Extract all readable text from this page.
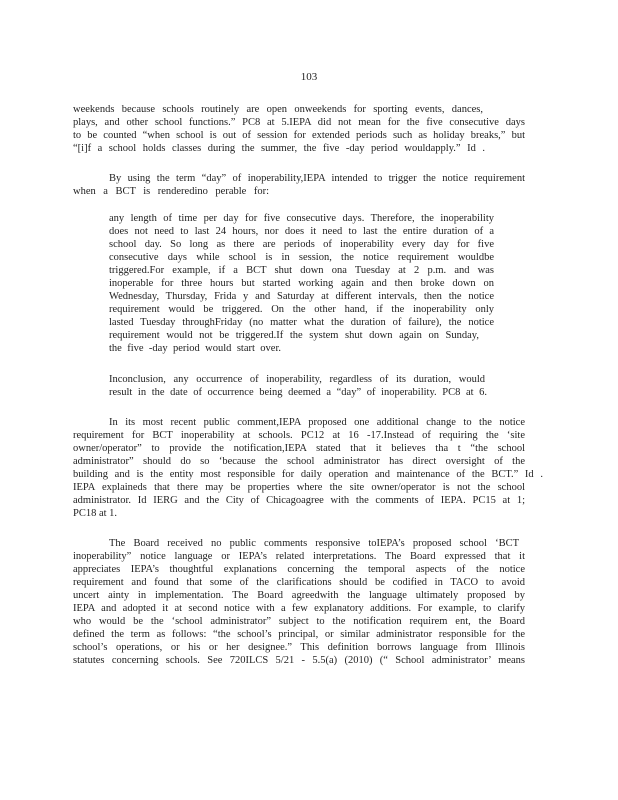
103
weekends because schools routinely are open onweekends for sporting events, dances,
plays, and other school functions.” PC8 at 5.IEPA did not mean for the five consecutive days
to be counted “when school is out of session for extended periods such as holiday breaks,” but
“[i]f a school holds classes during the summer, the five -day period wouldapply.” Id .
By using the term “day” of inoperability,IEPA intended to trigger the notice requirement
when a BCT is renderedino perable for:
any length of time per day for five consecutive days. Therefore, the inoperability
does not need to last 24 hours, nor does it need to last the entire duration of a
school day. So long as there are periods of inoperability every day for five
consecutive days while school is in session, the notice requirement wouldbe
triggered.For example, if a BCT shut down ona Tuesday at 2 p.m. and was
inoperable for three hours but started working again and then broke down on
Wednesday, Thursday, Frida y and Saturday at different intervals, then the notice
requirement would be triggered. On the other hand, if the inoperability only
lasted Tuesday throughFriday (no matter what the duration of failure), the notice
requirement would not be triggered.If the system shut down again on Sunday,
the five -day period would start over.
Inconclusion, any occurrence of inoperability, regardless of its duration, would
result in the date of occurrence being deemed a “day” of inoperability. PC8 at 6.
In its most recent public comment,IEPA proposed one additional change to the notice
requirement for BCT inoperability at schools. PC12 at 16 -17.Instead of requiring the ‘site
owner/operator” to provide the notification,IEPA stated that it believes tha t “the school
administrator” should do so ‘because the school administrator has direct oversight of the
building and is the entity most responsible for daily operation and maintenance of the BCT.” Id .
IEPA explaineds that there may be properties where the site owner/operator is not the school
administrator. Id IERG and the City of Chicagoagree with the comments of IEPA. PC15 at 1;
PC18 at 1.
The Board received no public comments responsive toIEPA’s proposed school ‘BCT
inoperability” notice language or IEPA’s related interpretations. The Board expressed that it
appreciates IEPA’s thoughtful explanations concerning the temporal aspects of the notice
requirement and found that some of the clarifications should be codified in TACO to avoid
uncert ainty in implementation. The Board agreedwith the language ultimately proposed by
IEPA and adopted it at second notice with a few explanatory additions. For example, to clarify
who would be the ‘school administrator” subject to the notification requirem ent, the Board
defined the term as follows: “the school’s principal, or similar administrator responsible for the
school’s operations, or his or her designee.” This definition borrows language from Illinois
statutes concerning schools. See 720ILCS 5/21 - 5.5(a) (2010) (“ School administrator’ means
